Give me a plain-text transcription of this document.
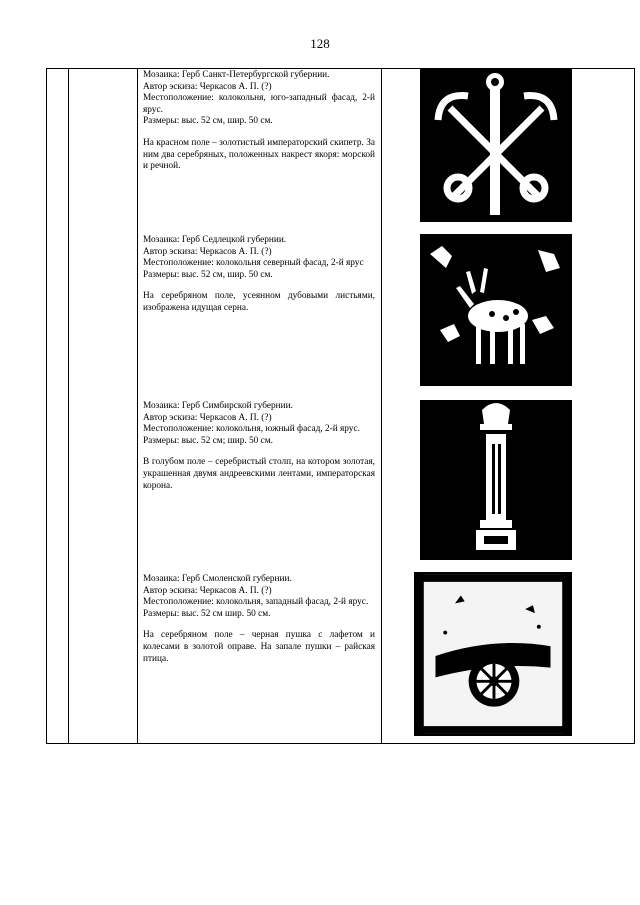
128
Мозаика: Герб Санкт-Петербургской губернии.
Автор эскиза: Черкасов А. П. (?)
Местоположение: колокольня, юго-западный фасад, 2-й ярус.
Размеры: выс. 52 см, шир. 50 см.
На красном поле – золотистый императорский скипетр. За ним два серебряных, положенных накрест якоря: морской и речной.
Мозаика: Герб Седлецкой губернии.
Автор эскиза: Черкасов А. П. (?)
Местоположение: колокольня северный фасад, 2-й ярус
Размеры: выс. 52 см, шир. 50 см.
На серебряном поле, усеянном дубовыми листьями, изображена идущая серна.
Мозаика: Герб Симбирской губернии.
Автор эскиза: Черкасов А. П. (?)
Местоположение: колокольня, южный фасад, 2-й ярус.
Размеры: выс. 52 см; шир. 50 см.
В голубом поле – серебристый столп, на котором золотая, украшенная двумя андреевскими лентами, императорская корона.
Мозаика: Герб Смоленской губернии.
Автор эскиза: Черкасов А. П. (?)
Местоположение: колокольня, западный фасад, 2-й ярус.
Размеры: выс. 52 см шир. 50 см.
На серебряном поле – черная пушка с лафетом и колесами в золотой оправе. На запале пушки – райская птица.
